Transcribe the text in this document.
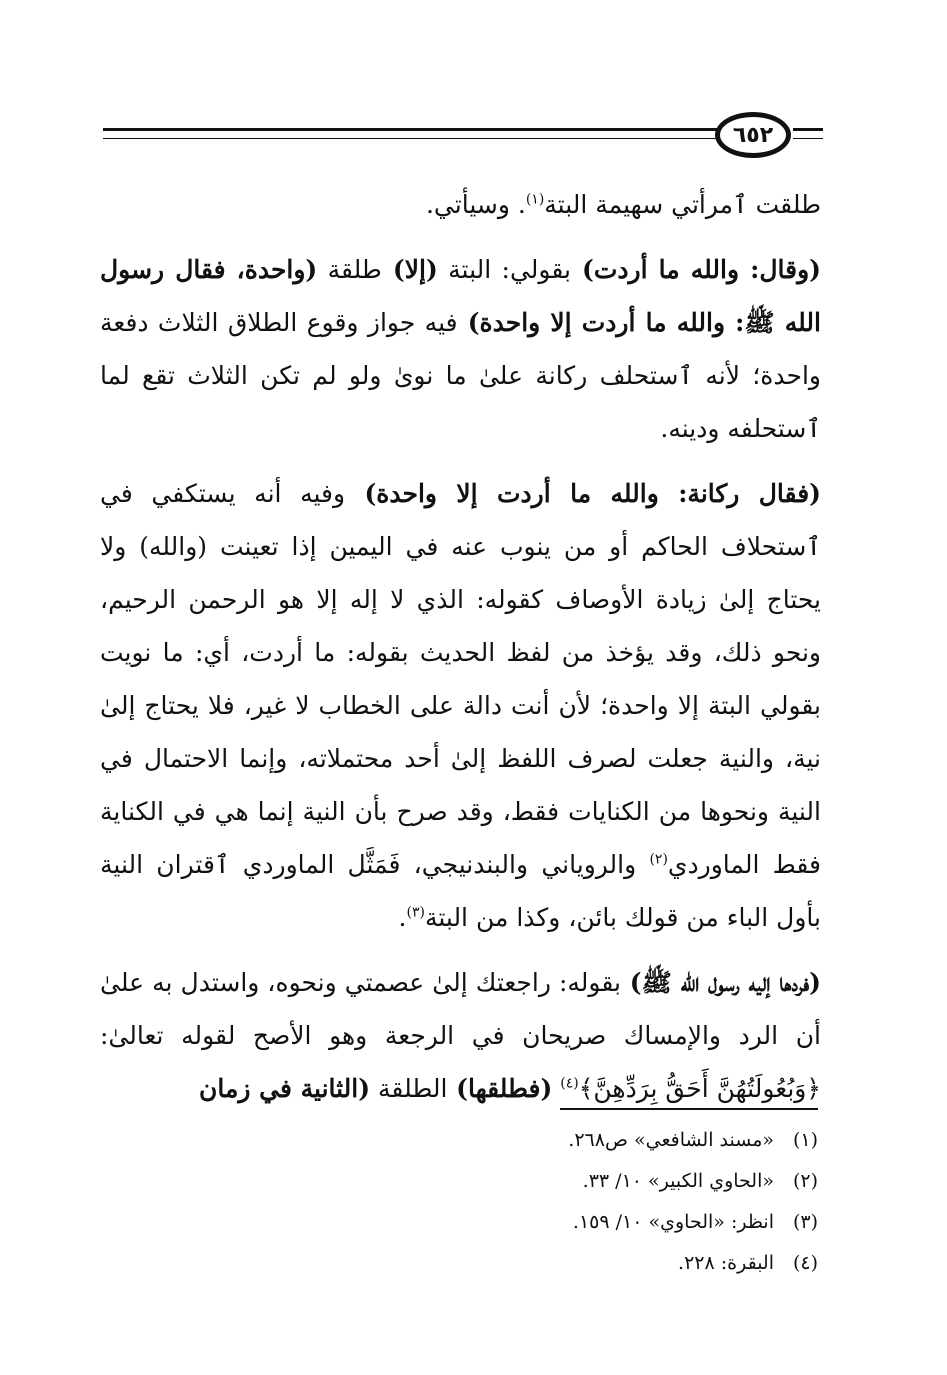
٦٥٢

طلقت ٱمرأتي سهيمة البتة$^{(١)}$. وسيأتي.

(وقال: والله ما أردت) بقولي: البتة (إلا) طلقة (واحدة، فقال رسول الله ﷺ: والله ما أردت إلا واحدة) فيه جواز وقوع الطلاق الثلاث دفعة واحدة؛ لأنه ٱستحلف ركانة علىٰ ما نوىٰ ولو لم تكن الثلاث تقع لما ٱستحلفه ودينه.

(فقال ركانة: والله ما أردت إلا واحدة) وفيه أنه يستكفي في ٱستحلاف الحاكم أو من ينوب عنه في اليمين إذا تعينت (والله) ولا يحتاج إلىٰ زيادة الأوصاف كقوله: الذي لا إله إلا هو الرحمن الرحيم، ونحو ذلك، وقد يؤخذ من لفظ الحديث بقوله: ما أردت، أي: ما نويت بقولي البتة إلا واحدة؛ لأن أنت دالة على الخطاب لا غير، فلا يحتاج إلىٰ نية، والنية جعلت لصرف اللفظ إلىٰ أحد محتملاته، وإنما الاحتمال في النية ونحوها من الكنايات فقط، وقد صرح بأن النية إنما هي في الكناية فقط الماوردي$^{(٢)}$ والروياني والبندنيجي، فَمَثَّل الماوردي ٱقتران النية بأول الباء من قولك بائن، وكذا من البتة$^{(٣)}$.

(فردها إليه رسول الله ﷺ) بقوله: راجعتك إلىٰ عصمتي ونحوه، واستدل به علىٰ أن الرد والإمساك صريحان في الرجعة وهو الأصح لقوله تعالىٰ: ﴿وَبُعُولَتُهُنَّ أَحَقُّ بِرَدِّهِنَّ﴾$^{(٤)}$ (فطلقها) الطلقة (الثانية في زمان

(١)
«مسند الشافعي» ص٢٦٨.
(٢)
«الحاوي الكبير» ١٠/ ٣٣.
(٣)
انظر: «الحاوي» ١٠/ ١٥٩.
(٤)
البقرة: ٢٢٨.
